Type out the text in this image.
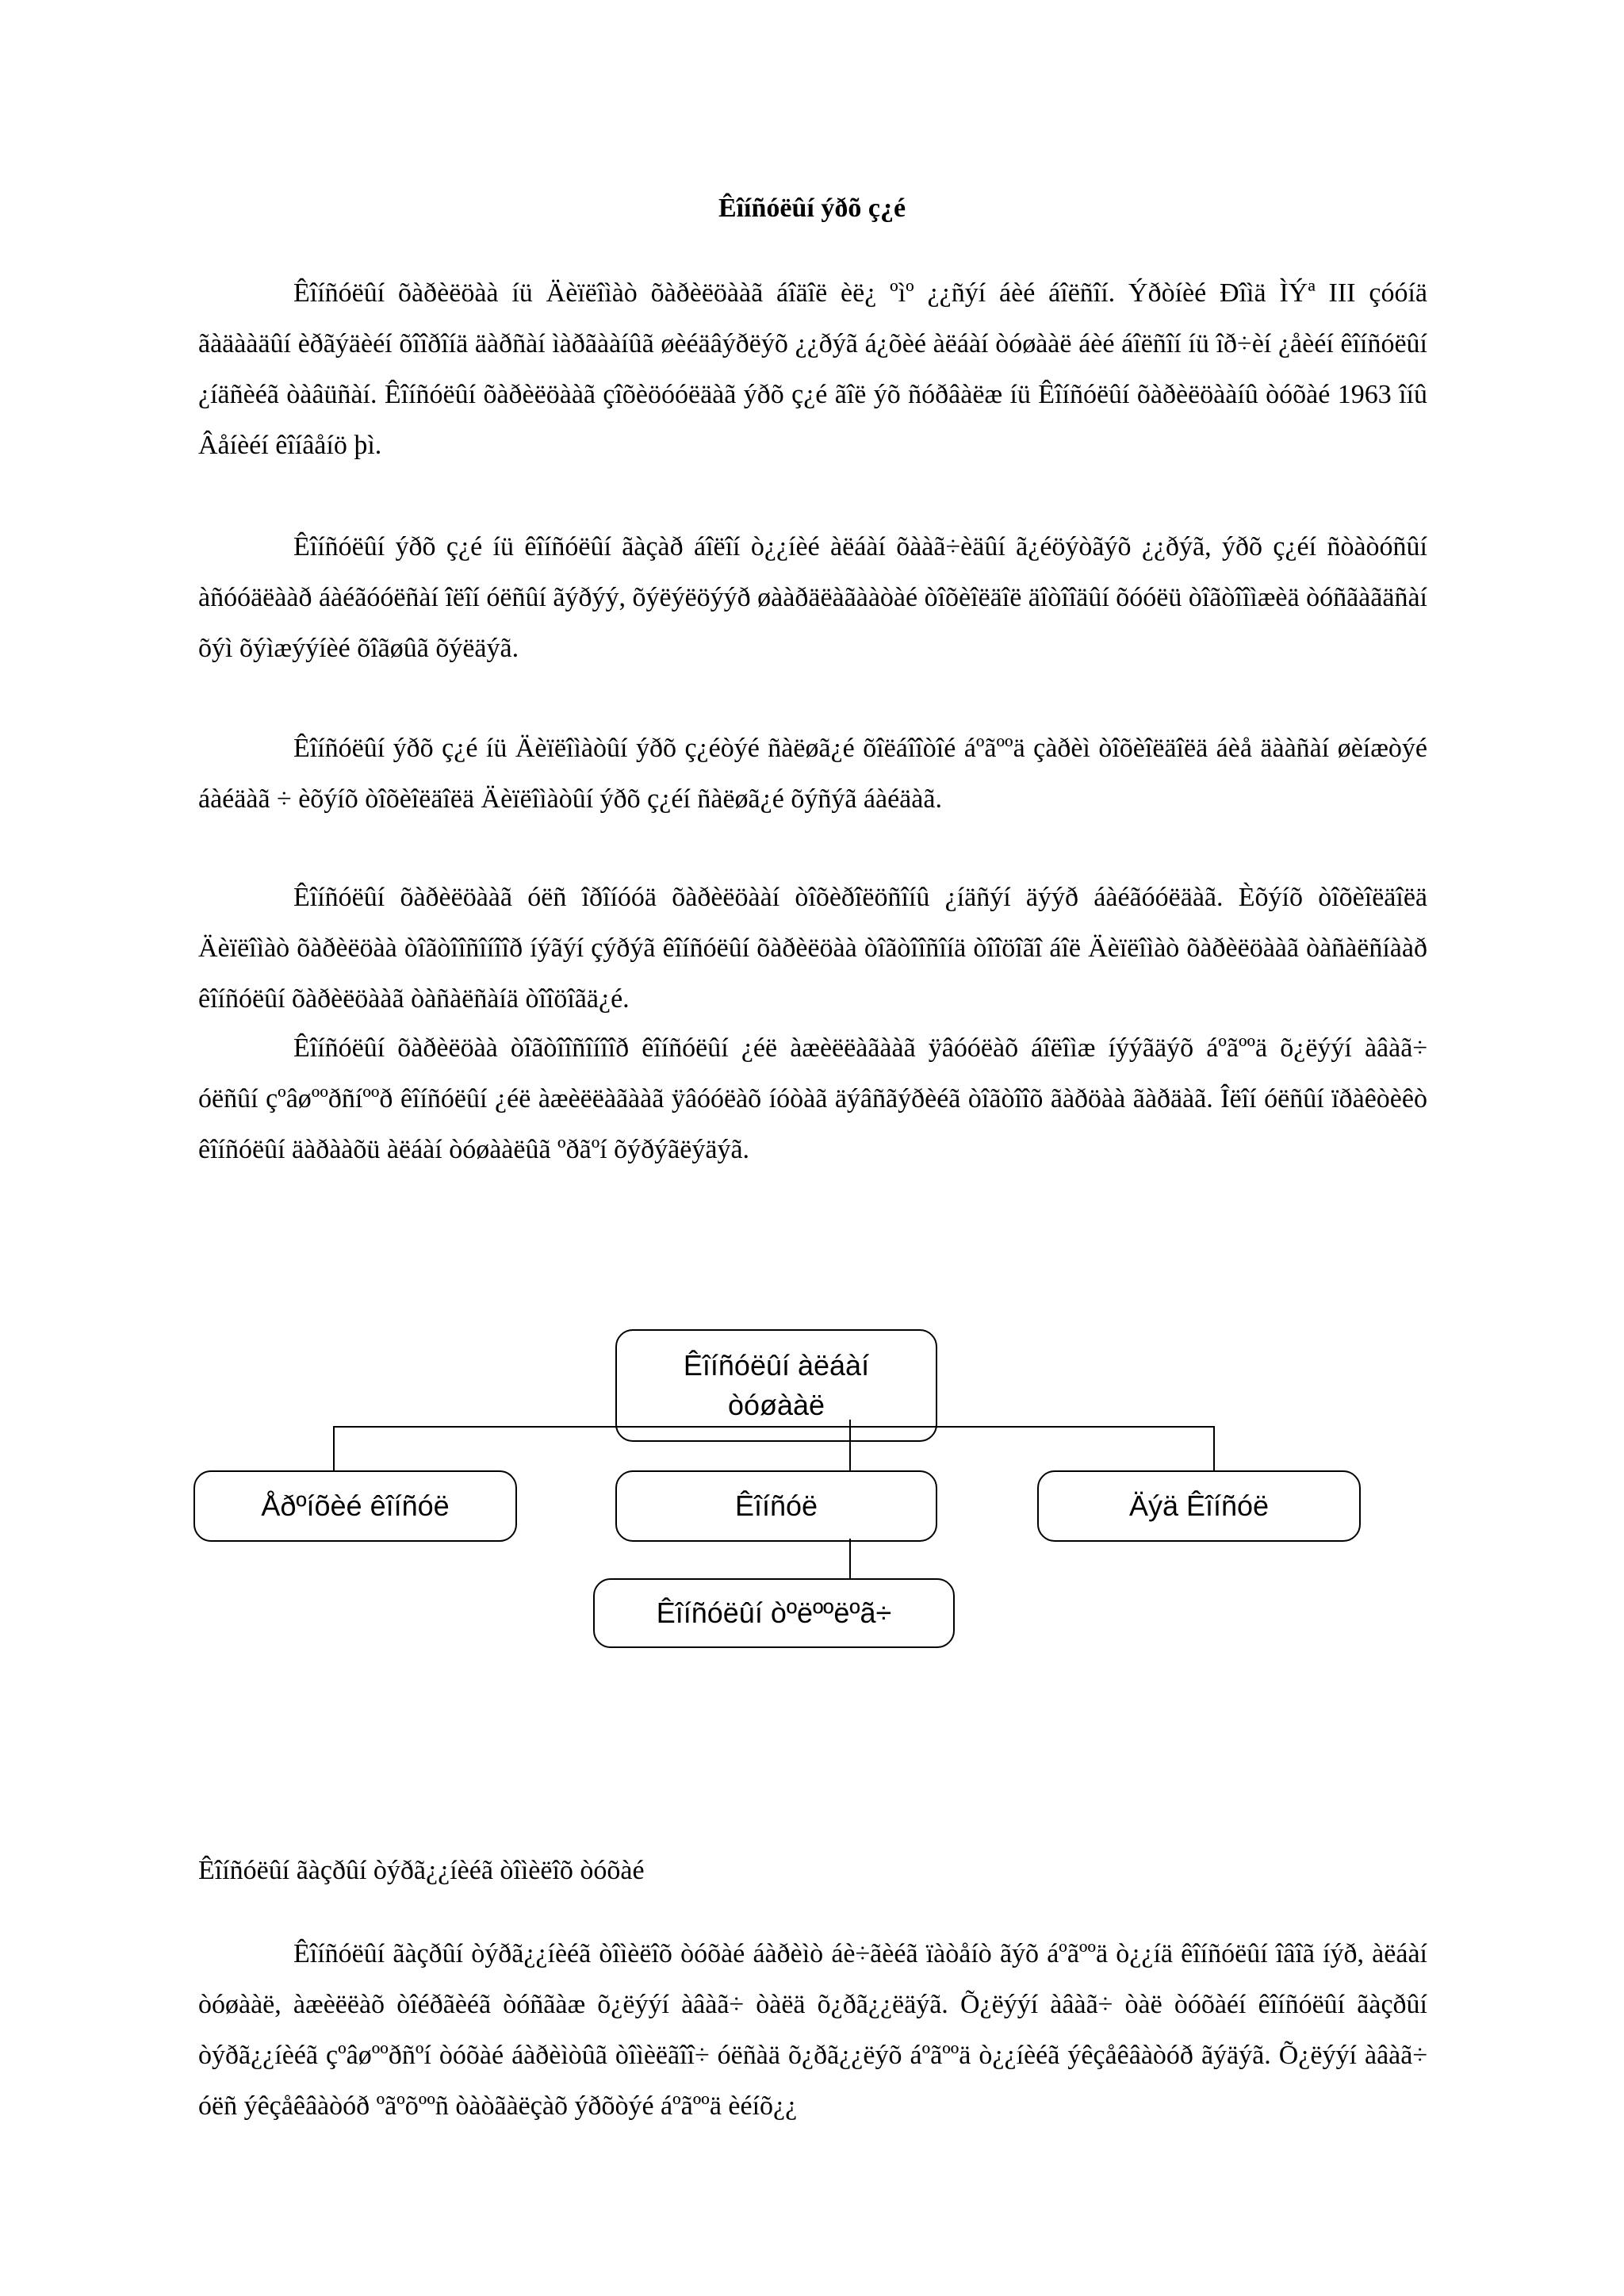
Êîíñóëûí ýðõ ç¿é

Êîíñóëûí õàðèëöàà íü Äèïëîìàò õàðèëöààã áîäîë èë¿ ºìº ¿¿ñýí áèé áîëñîí. Ýðòíèé Ðîìä ÌÝª III çóóíä ãàäààäûí èðãýäèéí õîîðîíä äàðñàí ìàðãààíûã øèéäâýðëýõ ¿¿ðýã á¿õèé àëáàí òóøààë áèé áîëñîí íü îð÷èí ¿åèéí êîíñóëûí ¿íäñèéã òàâüñàí. Êîíñóëûí õàðèëöààã çîõèöóóëäàã ýðõ ç¿é ãîë ýõ ñóðâàëæ íü Êîíñóëûí õàðèëöààíû òóõàé 1963 îíû Âåíèéí êîíâåíö þì.

Êîíñóëûí ýðõ ç¿é íü êîíñóëûí ãàçàð áîëîí ò¿¿íèé àëáàí õààã÷èäûí ã¿éöýòãýõ ¿¿ðýã, ýðõ ç¿éí ñòàòóñûí àñóóäëààð áàéãóóëñàí îëîí óëñûí ãýðýý, õýëýëöýýð øààðäëàãààòàé òîõèîëäîë äîòîîäûí õóóëü òîãòîîìæèä òóñãàãäñàí õýì õýìæýýíèé õîãøûã õýëäýã.

Êîíñóëûí ýðõ ç¿é íü Äèïëîìàòûí ýðõ ç¿éòýé ñàëøã¿é õîëáîîòîé áºãººä çàðèì òîõèîëäîëä áèå äààñàí øèíæòýé áàéäàã ÷ èõýíõ òîõèîëäîëä Äèïëîìàòûí ýðõ ç¿éí ñàëøã¿é õýñýã áàéäàã.

Êîíñóëûí õàðèëöààã óëñ îðîíóóä õàðèëöààí òîõèðîëöñîíû ¿íäñýí äýýð áàéãóóëäàã. Èõýíõ òîõèîëäîëä Äèïëîìàò õàðèëöàà òîãòîîñîíîîð íýãýí çýðýã êîíñóëûí õàðèëöàà òîãòîîñîíä òîîöîãî áîë Äèïëîìàò õàðèëöààã òàñàëñíààð êîíñóëûí õàðèëöààã òàñàëñàíä òîîöîãä¿é.

Êîíñóëûí õàðèëöàà òîãòîîñîíîîð êîíñóëûí ¿éë àæèëëàãààã ÿâóóëàõ áîëîìæ íýýãäýõ áºãººä õ¿ëýýí àâàã÷ óëñûí çºâøººðñíººð êîíñóëûí ¿éë àæèëëàãààã ÿâóóëàõ íóòàã äýâñãýðèéã òîãòîîõ ãàðöàà ãàðäàã. Îëîí óëñûí ïðàêòèêò êîíñóëûí äàðààõü àëáàí òóøààëûã ºðãºí õýðýãëýäýã.

Êîíñóëûí àëáàí òóøààë
Åðºíõèé êîíñóë	Êîíñóë	Äýä Êîíñóë
Êîíñóëûí òºëººëºã÷
Êîíñóëûí ãàçðûí òýðã¿¿íèéã òîìèëîõ òóõàé

Êîíñóëûí ãàçðûí òýðã¿¿íèéã òîìèëîõ òóõàé áàðèìò áè÷ãèéã ïàòåíò ãýõ áºãººä ò¿¿íä êîíñóëûí îâîã íýð, àëáàí òóøààë, àæèëëàõ òîéðãèéã òóñãàæ õ¿ëýýí àâàã÷ òàëä õ¿ðã¿¿ëäýã. Õ¿ëýýí àâàã÷ òàë òóõàéí êîíñóëûí ãàçðûí òýðã¿¿íèéã çºâøººðñºí òóõàé áàðèìòûã òîìèëãîî÷ óëñàä õ¿ðã¿¿ëýõ áºãººä ò¿¿íèéã ýêçåêâàòóð ãýäýã. Õ¿ëýýí àâàã÷ óëñ ýêçåêâàòóð ºãºõººñ òàòãàëçàõ ýðõòýé áºãººä èéíõ¿¿
